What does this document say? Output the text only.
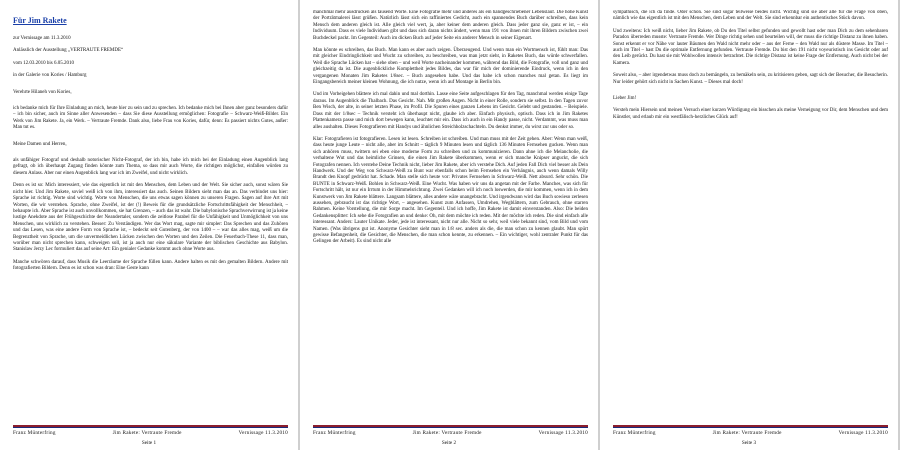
Für Jim Rakete

zur Vernissage am 11.3.2010

Anlässlich der Ausstellung „VERTRAUTE FREMDE“

vom 12.03.2010 bis 6.05.2010

in der Galerie von Kories / Hamburg

Verehrte Hilaneh von Kories,

ich bedanke mich für Ihre Einladung an mich, heute hier zu sein und zu sprechen. Ich bedanke mich bei Ihnen aber ganz besonders dafür – ich bin sicher, auch im Sinne aller Anwesenden – dass Sie diese Ausstellung ermöglichen: Fotografie – Schwarz-Weiß-Bilder. Ein Werk von Jim Rakete. Ja, ein Werk. – Vertraute Fremde. Dank also, liebe Frau von Kories, dafür, denn: Es passiert nichts Gutes, außer: Man tut es.

Meine Damen und Herren,

als unfähiger Fotograf und deshalb notorischer Nicht-Fotograf, der ich bin, habe ich mich bei der Einladung einen Augenblick lang gefragt, ob ich überhaupt Zugang finden könnte zum Thema, so dass mir auch Worte, die richtigen möglichst, einfallen würden zu diesem Anlass. Aber nur einen Augenblick lang war ich im Zweifel, und nicht wirklich.

Denn es ist so: Mich interessiert, wie das eigentlich ist mit den Menschen, dem Leben und der Welt. Sie sicher auch, sonst wären Sie nicht hier. Und Jim Rakete, soviel weiß ich von ihm, interessiert das auch. Seinen Bildern sieht man das an. Das verbindet uns hier: Sprache ist richtig. Worte sind wichtig. Worte von Menschen, die uns etwas sagen können zu unseren Fragen. Sagen auf ihre Art mit Worten, die wir verstehen. Sprache, ohne Zweifel, ist der (!) Beweis für die grundsätzliche Fortschrittsfähigkeit der Menschheit, – behaupte ich. Aber Sprache ist auch unvollkommen, sie hat Grenzen, – auch das ist wahr. Die babylonische Sprachverwirrung ist ja keine lustige Anekdote aus der Frühgeschichte der Neandertaler, sondern die zeitlose Parabel für die Unfähigkeit und Unmöglichkeit von uns Menschen, uns wirklich zu verstehen. Besser: Zu Verständigen. Wer das Wort mag, sagte mir simpler: Das Sprechen und das Zuhören und das Lesen, was eine andere Form von Sprache ist, – bedeckt seit Gutenberg, der von 1400 – – war das alles mag, weiß um die Begrenztheit von Sprache, um die unvermeidlichen Lücken zwischen den Worten und den Zeilen. Die Feuerbach-These 11, dass man, worüber man nicht sprechen kann, schweigen soll, ist ja auch nur eine säkulare Variante der biblischen Geschichte aus Babylon. Stanislaw Jerzy Lec formuliert das auf seine Art: Ein genialer Gedanke kommt auch ohne Worte aus.

Manche schwören darauf, dass Musik die Leerräume der Sprache füllen kann. Andere halten es mit den gemalten Bildern. Andere mit fotografierten Bildern. Denn es ist schon was dran: Eine Geste kann

Franz Münterfring	Jim Rakete: Vertraute Fremde	Vernissage 11.3.2010
Seite 1

manchmal mehr ausdrücken als tausend Worte. Eine Fotografie mehr und anderes als ein handgeschriebener Lebenslauf. Die hohe Kunst der Porträtmalerei lässt grüßen. Natürlich lässt sich ein raffiniertes Gedicht, auch ein spannendes Buch darüber schreiben, dass kein Mensch dem anderen gleich ist. Alle gleich viel wert, ja, aber keiner dem anderen gleich. Dass jeder ganz sie, ganz er ist, – ein Individuum. Dass es viele Individuen gibt und dass sich daran nichts ändert, wenn man 191 von ihnen mit ihren Bildern zwischen zwei Buchdeckel packt. Im Gegenteil: Auch im dicken Buch auf jeder Seite ein anderer Mensch in seiner Eigenart.

Man könnte es schreiben, das Buch. Man kann es aber auch zeigen. Überzeugend. Und wenn man ein Wortmensch ist, fühlt man: Das mit gleicher Eindringlichkeit und Wucht zu schreiben, zu beschreiben, was man jetzt sieht, in Raketes Buch, das würde schwerfallen. Weil die Sprache Lücken hat – siehe oben – und weil Worte nacheinander kommen, während das Bild, die Fotografie, voll und ganz und gleichzeitig da ist. Die augenblickliche Komplettheit jedes Bildes, das war für mich der dominierende Eindruck, wenn ich in den vergangenen Monaten Jim Raketes 1/8sec. – Buch angesehen habe. Und das habe ich schon manches mal getan. Es liegt im Eingangsbereich meiner kleinen Wohnung, die ich nutze, wenn ich auf Montage in Berlin bin.

Und im Vorbeigehen blättere ich mal dahin und mal dorthin. Lasse eine Seite aufgeschlagen für den Tag, manchmal werden einige Tage daraus. Im Augenblick die Thalbach. Das Gesicht. Nah. Mit großen Augen. Nicht in einer Rolle, sondern sie selbst. In den Tagen zuvor Ben Wisch, der alte, in seiner letzten Phase, im Profil. Die Spuren eines ganzen Lebens im Gesicht. Gelebt und gestanden. – Beispiele. Dass mit der 1/8sec – Technik versteht ich überhaupt nicht, glaube ich aber. Einfach physisch, optisch. Dass ich in Jim Raketes Plattenkamera passe und mich dort bewegen kann, leuchtet mir ein. Dass ich auch in ein Handy passe, nicht. Verdammt, was muss man alles aushalten. Dieses Fotografieren mit Handys und ähnlichen Streichholzschachteln. Du denkst immer, du wirst zur uns oder so.

Klar: Fotografieren ist fotografieren. Lesen ist lesen. Schreiben ist schreiben. Und man muss mit der Zeit gehen. Aber: Wenn man weiß, dass heute junge Leute – nicht alle, aber im Schnitt – täglich 9 Minuten lesen und täglich 136 Minuten Fernsehen gucken. Wenn man sich anhören muss, twittern sei eben eine moderne Form zu schreiben und zu kommunizieren. Dann ahne ich die Melancholie, die verhaltene Wut und das heimliche Grinsen, die einen Jim Rakete überkommen, wenn er sich manche Knipser anguckt, die sich Fotografen nennen. Ich verstehe Deine Technik nicht, lieber Jim Rakete, aber ich verstehe Dich. Auf jeden Fall Dich viel besser als Dein Handwerk. Und der Weg von Schwarz-Weiß zu Bunt war ebenfalls schon beim Fernsehen ein Verhängnis, auch wenn damals Willy Brandt den Knopf gedrückt hat. Schade. Man stelle sich heute vor: Privates Fernsehen in Schwarz-Weiß. Nett absurd. Sehr schön. Die BUNTE in Schwarz-Weiß. Bohlen in Schwarz-Weiß. Eine Wucht. Was haben wir uns da angetan mit der Farbe. Manches, was sich für Fortschritt hält, ist nur ein Irrtum in der Himmelsrichtung. Zwei Gedanken will ich noch loswerden, die mir kommen, wenn ich in dem Kunstwerk von Jim Rakete blättere. Langsam blättere, alles andere wäre unangebracht. Und irgendwann wird das Buch sowieso zerlesen aussehen, gebraucht ist das richtige Wort, – angesehen. Kunst zum Anfassen, Umdrehen, Wegblättern, zum Gebrauch, ohne starren Rahmen. Keine Vorstellung, die mir Sorge macht. Im Gegenteil. Und ich hoffe, Jim Rakete ist damit einverstanden. Also: Die beiden Gedankensplitter: Ich sehe die Fotografien an und denke: Oh, mit dem möchte ich reden. Mit der möchte ich reden. Die sind einfach alle interessant. Anders: Lauter Unikate. Jeder, jede ist interessant, nicht nur alle. Nicht so sehr, weil viele bekannt sind, vom Bild und vom Namen. (Was übrigens gut ist. Anonyme Gesichter sieht man in 1/8 sec. anders als die, die man schon zu kennen glaubt. Man spürt gewisse Befangenheit, die Gesichter, die Menschen, die man schon kennte, zu erkennen. – Ein wichtiger, wohl zentraler Punkt für das Gelingen der Arbeit). Es sind nicht alle

Franz Münterfring	Jim Rakete: Vertraute Fremde	Vernissage 11.3.2010
Seite 2

sympathisch, die ich da finde. Oder schön. Sie sind sogar teilweise beides nicht. Wichtig sind sie aber alle für die Frage von oben, nämlich wie das eigentlich ist mit den Menschen, dem Leben und der Welt. Sie sind erkennbar ein authentisches Stück davon.

Und zweitens: Ich weiß nicht, lieber Jim Rakete, ob Du den Titel selbst gefunden und gewollt hast oder man Dich zu dem sehenbaren Paradox überreden musste: Vertraute Fremde. Wer Dinge richtig sehen und beurteilen will, der muss die richtige Distanz zu ihnen haben. Sonst erkennt er vor Nähe vor lauter Bäumen den Wald nicht mehr oder – aus der Ferne – den Wald nur als düstere Masse. Im Titel – auch im Titel – hast Du die optimale Entfernung gefunden. Vertraute Fremde. Du bist den 191 nicht voyeuristisch ins Gesicht oder auf den Leib gerückt. Du hast sie mit Wohlwollen intensiv betrachtet. Die richtige Distanz ist keine Frage der Entfernung. Auch nicht bei der Kamera.

Soweit also, – aber irgendetwas muss doch zu bemängeln, zu bemäkeln sein, zu kritisieren geben, sagt sich der Besucher, die Besucherin. Nur leider gehört sich nicht in Sachen Kunst. – Dieses mal doch!

Lieber Jim!

Versteh mein Hiersein und meinen Versuch einer kurzen Würdigung ein bisschen als meine Verneigung vor Dir, dem Menschen und dem Künstler, und erlaub mir ein westfälisch-herzliches Glück auf!

Franz Münterfring	Jim Rakete: Vertraute Fremde	Vernissage 11.3.2010
Seite 3
